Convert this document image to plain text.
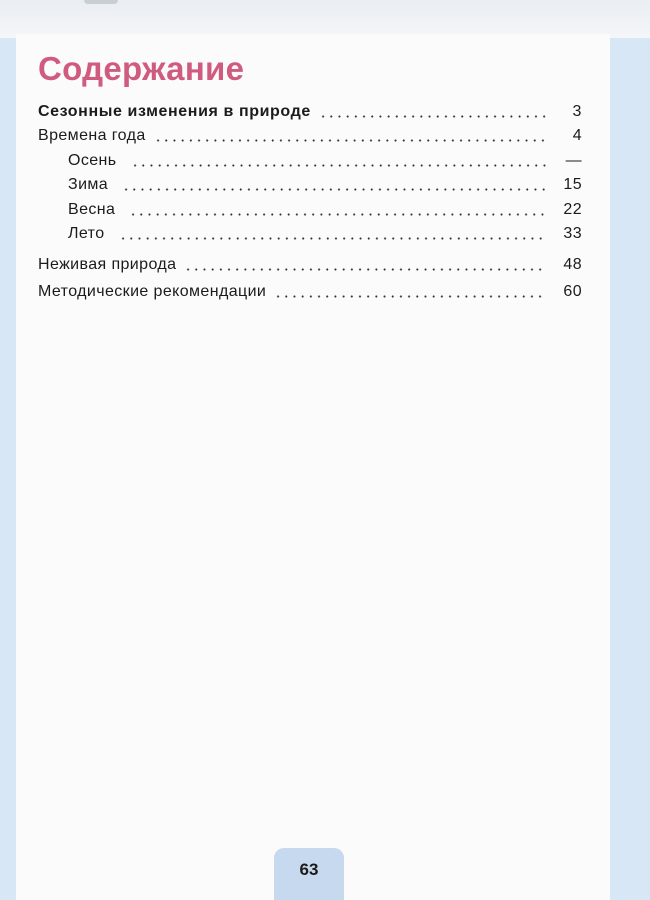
Содержание
Сезонные изменения в природе	3
Времена года	4
Осень	—
Зима	15
Весна	22
Лето	33
Неживая природа	48
Методические рекомендации	60
63
